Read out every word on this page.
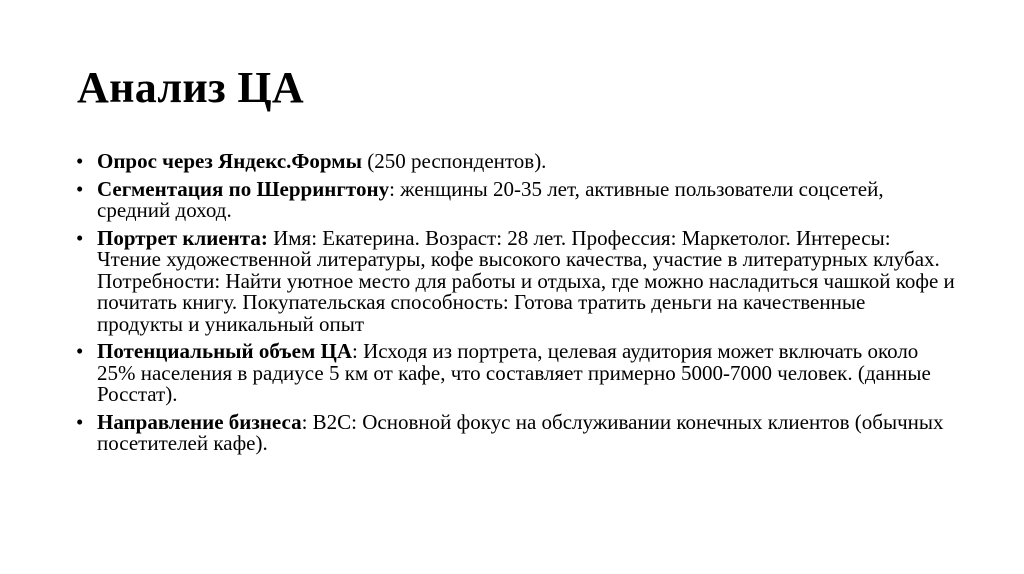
Анализ ЦА
• Опрос через Яндекс.Формы (250 респондентов).
• Сегментация по Шеррингтону: женщины 20-35 лет, активные пользователи соцсетей, средний доход.
• Портрет клиента: Имя: Екатерина. Возраст: 28 лет. Профессия: Маркетолог. Интересы: Чтение художественной литературы, кофе высокого качества, участие в литературных клубах. Потребности: Найти уютное место для работы и отдыха, где можно насладиться чашкой кофе и почитать книгу. Покупательская способность: Готова тратить деньги на качественные продукты и уникальный опыт
• Потенциальный объем ЦА: Исходя из портрета, целевая аудитория может включать около 25% населения в радиусе 5 км от кафе, что составляет примерно 5000-7000 человек. (данные Росстат).
• Направление бизнеса: B2C: Основной фокус на обслуживании конечных клиентов (обычных посетителей кафе).
